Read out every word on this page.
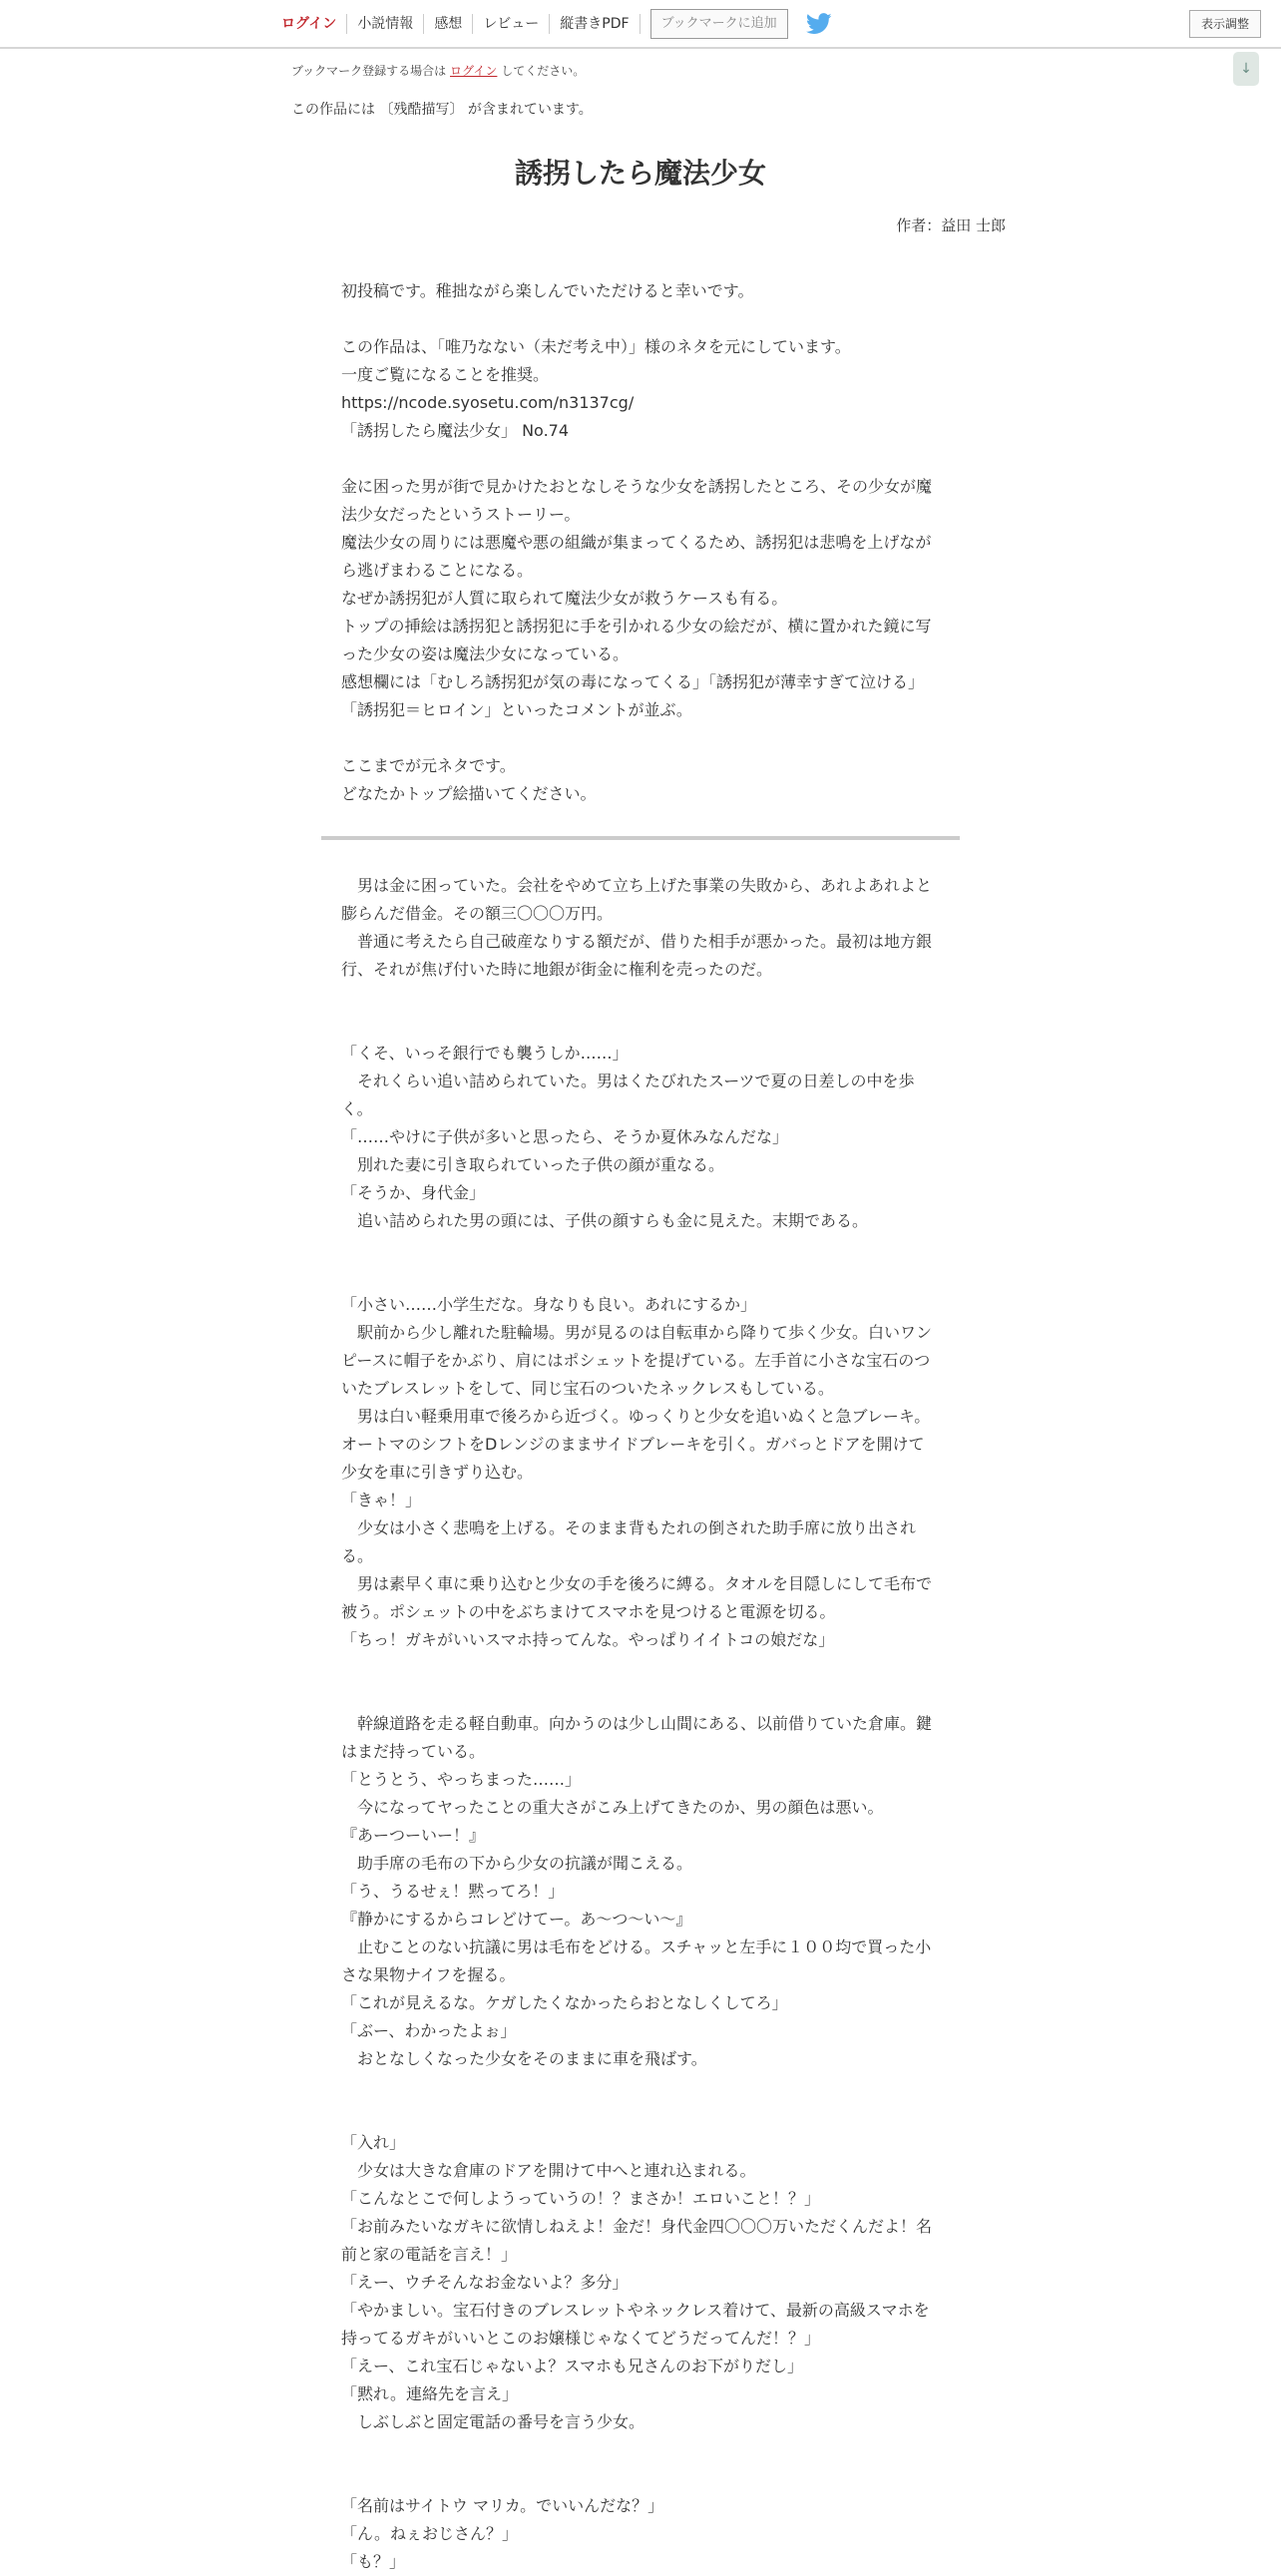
ログイン	小説情報	感想	レビュー	縦書きPDF	ブックマークに追加	表示調整
↓
ブックマーク登録する場合は ログイン してください。
この作品には 〔残酷描写〕 が含まれています。
誘拐したら魔法少女
作者：益田 士郎
初投稿です。稚拙ながら楽しんでいただけると幸いです。

この作品は、「唯乃なない（未だ考え中）」様のネタを元にしています。
一度ご覧になることを推奨。
https://ncode.syosetu.com/n3137cg/
「誘拐したら魔法少女」 No.74

金に困った男が街で見かけたおとなしそうな少女を誘拐したところ、その少女が魔
法少女だったというストーリー。
魔法少女の周りには悪魔や悪の組織が集まってくるため、誘拐犯は悲鳴を上げなが
ら逃げまわることになる。
なぜか誘拐犯が人質に取られて魔法少女が救うケースも有る。
トップの挿絵は誘拐犯と誘拐犯に手を引かれる少女の絵だが、横に置かれた鏡に写
った少女の姿は魔法少女になっている。
感想欄には「むしろ誘拐犯が気の毒になってくる」「誘拐犯が薄幸すぎて泣ける」
「誘拐犯＝ヒロイン」といったコメントが並ぶ。

ここまでが元ネタです。
どなたかトップ絵描いてください。
　男は金に困っていた。会社をやめて立ち上げた事業の失敗から、あれよあれよと
膨らんだ借金。その額三〇〇〇万円。
　普通に考えたら自己破産なりする額だが、借りた相手が悪かった。最初は地方銀
行、それが焦げ付いた時に地銀が街金に権利を売ったのだ。

「くそ、いっそ銀行でも襲うしか……」
　それくらい追い詰められていた。男はくたびれたスーツで夏の日差しの中を歩
く。
「……やけに子供が多いと思ったら、そうか夏休みなんだな」
　別れた妻に引き取られていった子供の顔が重なる。
「そうか、身代金」
　追い詰められた男の頭には、子供の顔すらも金に見えた。末期である。

「小さい……小学生だな。身なりも良い。あれにするか」
　駅前から少し離れた駐輪場。男が見るのは自転車から降りて歩く少女。白いワン
ピースに帽子をかぶり、肩にはポシェットを提げている。左手首に小さな宝石のつ
いたブレスレットをして、同じ宝石のついたネックレスもしている。
　男は白い軽乗用車で後ろから近づく。ゆっくりと少女を追いぬくと急ブレーキ。
オートマのシフトをDレンジのままサイドブレーキを引く。ガバっとドアを開けて
少女を車に引きずり込む。
「きゃ！」
　少女は小さく悲鳴を上げる。そのまま背もたれの倒された助手席に放り出され
る。
　男は素早く車に乗り込むと少女の手を後ろに縛る。タオルを目隠しにして毛布で
被う。ポシェットの中をぶちまけてスマホを見つけると電源を切る。
「ちっ！ガキがいいスマホ持ってんな。やっぱりイイトコの娘だな」

　幹線道路を走る軽自動車。向かうのは少し山間にある、以前借りていた倉庫。鍵
はまだ持っている。
「とうとう、やっちまった……」
　今になってヤったことの重大さがこみ上げてきたのか、男の顔色は悪い。
『あーつーいー！』
　助手席の毛布の下から少女の抗議が聞こえる。
「う、うるせぇ！黙ってろ！」
『静かにするからコレどけてー。あ～つ～い～』
　止むことのない抗議に男は毛布をどける。スチャッと左手に１００均で買った小
さな果物ナイフを握る。
「これが見えるな。ケガしたくなかったらおとなしくしてろ」
「ぶー、わかったよぉ」
　おとなしくなった少女をそのままに車を飛ばす。

「入れ」
　少女は大きな倉庫のドアを開けて中へと連れ込まれる。
「こんなとこで何しようっていうの！？まさか！エロいこと！？」
「お前みたいなガキに欲情しねえよ！金だ！身代金四〇〇〇万いただくんだよ！名
前と家の電話を言え！」
「えー、ウチそんなお金ないよ？多分」
「やかましい。宝石付きのブレスレットやネックレス着けて、最新の高級スマホを
持ってるガキがいいとこのお嬢様じゃなくてどうだってんだ！？」
「えー、これ宝石じゃないよ？スマホも兄さんのお下がりだし」
「黙れ。連絡先を言え」
　しぶしぶと固定電話の番号を言う少女。

「名前はサイトウ マリカ。でいいんだな？」
「ん。ねぇおじさん？」
「も？」
